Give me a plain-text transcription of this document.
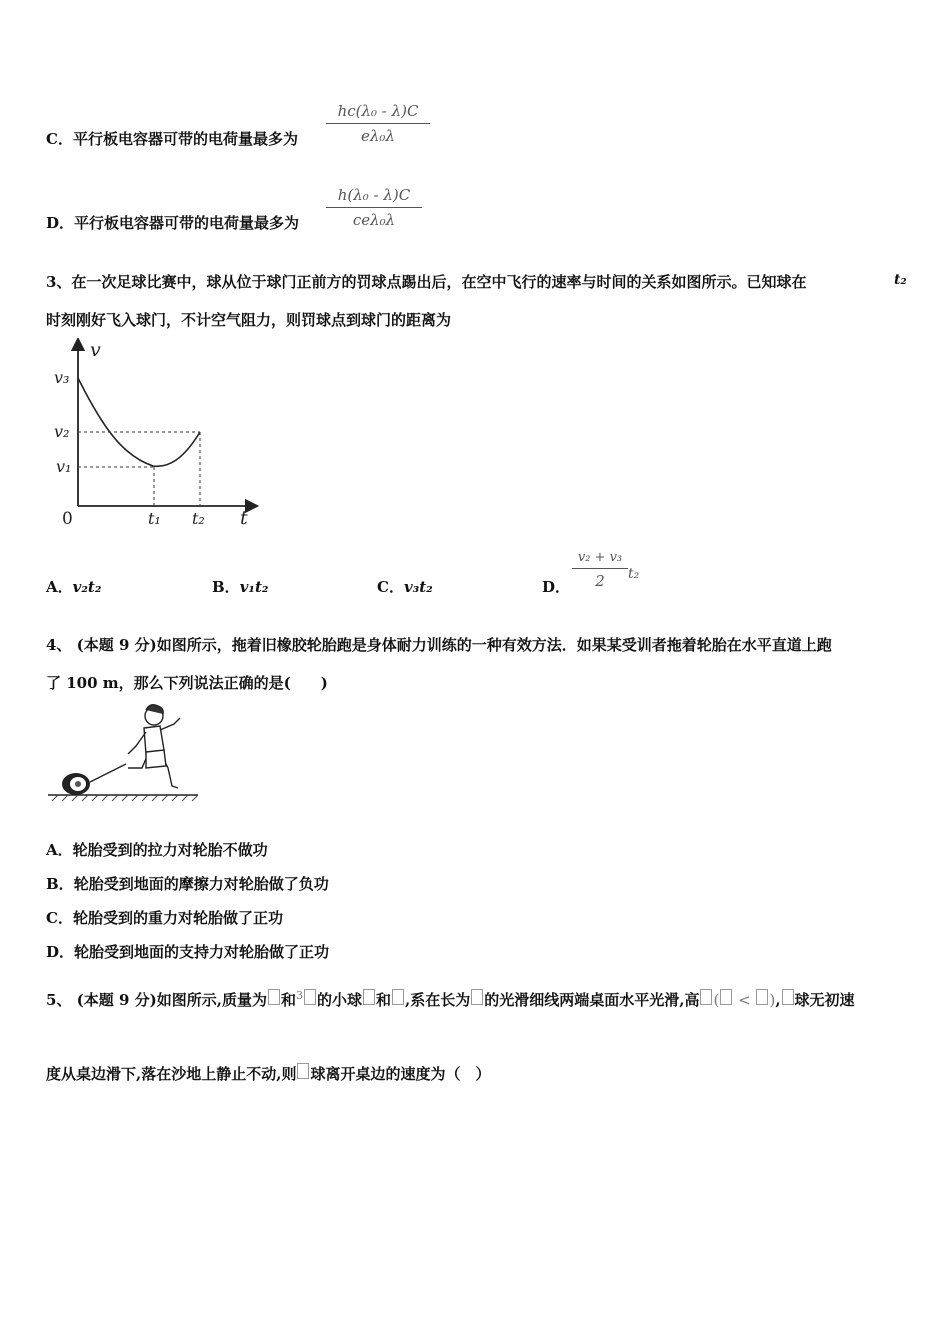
C．平行板电容器可带的电荷量最多为
hc(λ₀ - λ)C
eλ₀λ
D．平行板电容器可带的电荷量最多为
h(λ₀ - λ)C
ceλ₀λ
3、在一次足球比赛中，球从位于球门正前方的罚球点踢出后，在空中飞行的速率与时间的关系如图所示。已知球在	t₂
时刻刚好飞入球门，不计空气阻力，则罚球点到球门的距离为
v
t
0
v₃
v₂
v₁
t₁ t₂
A．v₂t₂	B．v₁t₂	C．v₃t₂	D．
v₂ + v₃
2	t₂
4、 (本题 9 分)如图所示，拖着旧橡胶轮胎跑是身体耐力训练的一种有效方法．如果某受训者拖着轮胎在水平直道上跑
了 100 m，那么下列说法正确的是(　　)
A．轮胎受到的拉力对轮胎不做功
B．轮胎受到地面的摩擦力对轮胎做了负功
C．轮胎受到的重力对轮胎做了正功
D．轮胎受到地面的支持力对轮胎做了正功
5、 (本题 9 分)如图所示,质量为 和$^3$ 的小球 和 ,系在长为 的光滑细线两端桌面水平光滑,高 ( < ), 球无初速
度从桌边滑下,落在沙地上静止不动,则 球离开桌边的速度为（　）
